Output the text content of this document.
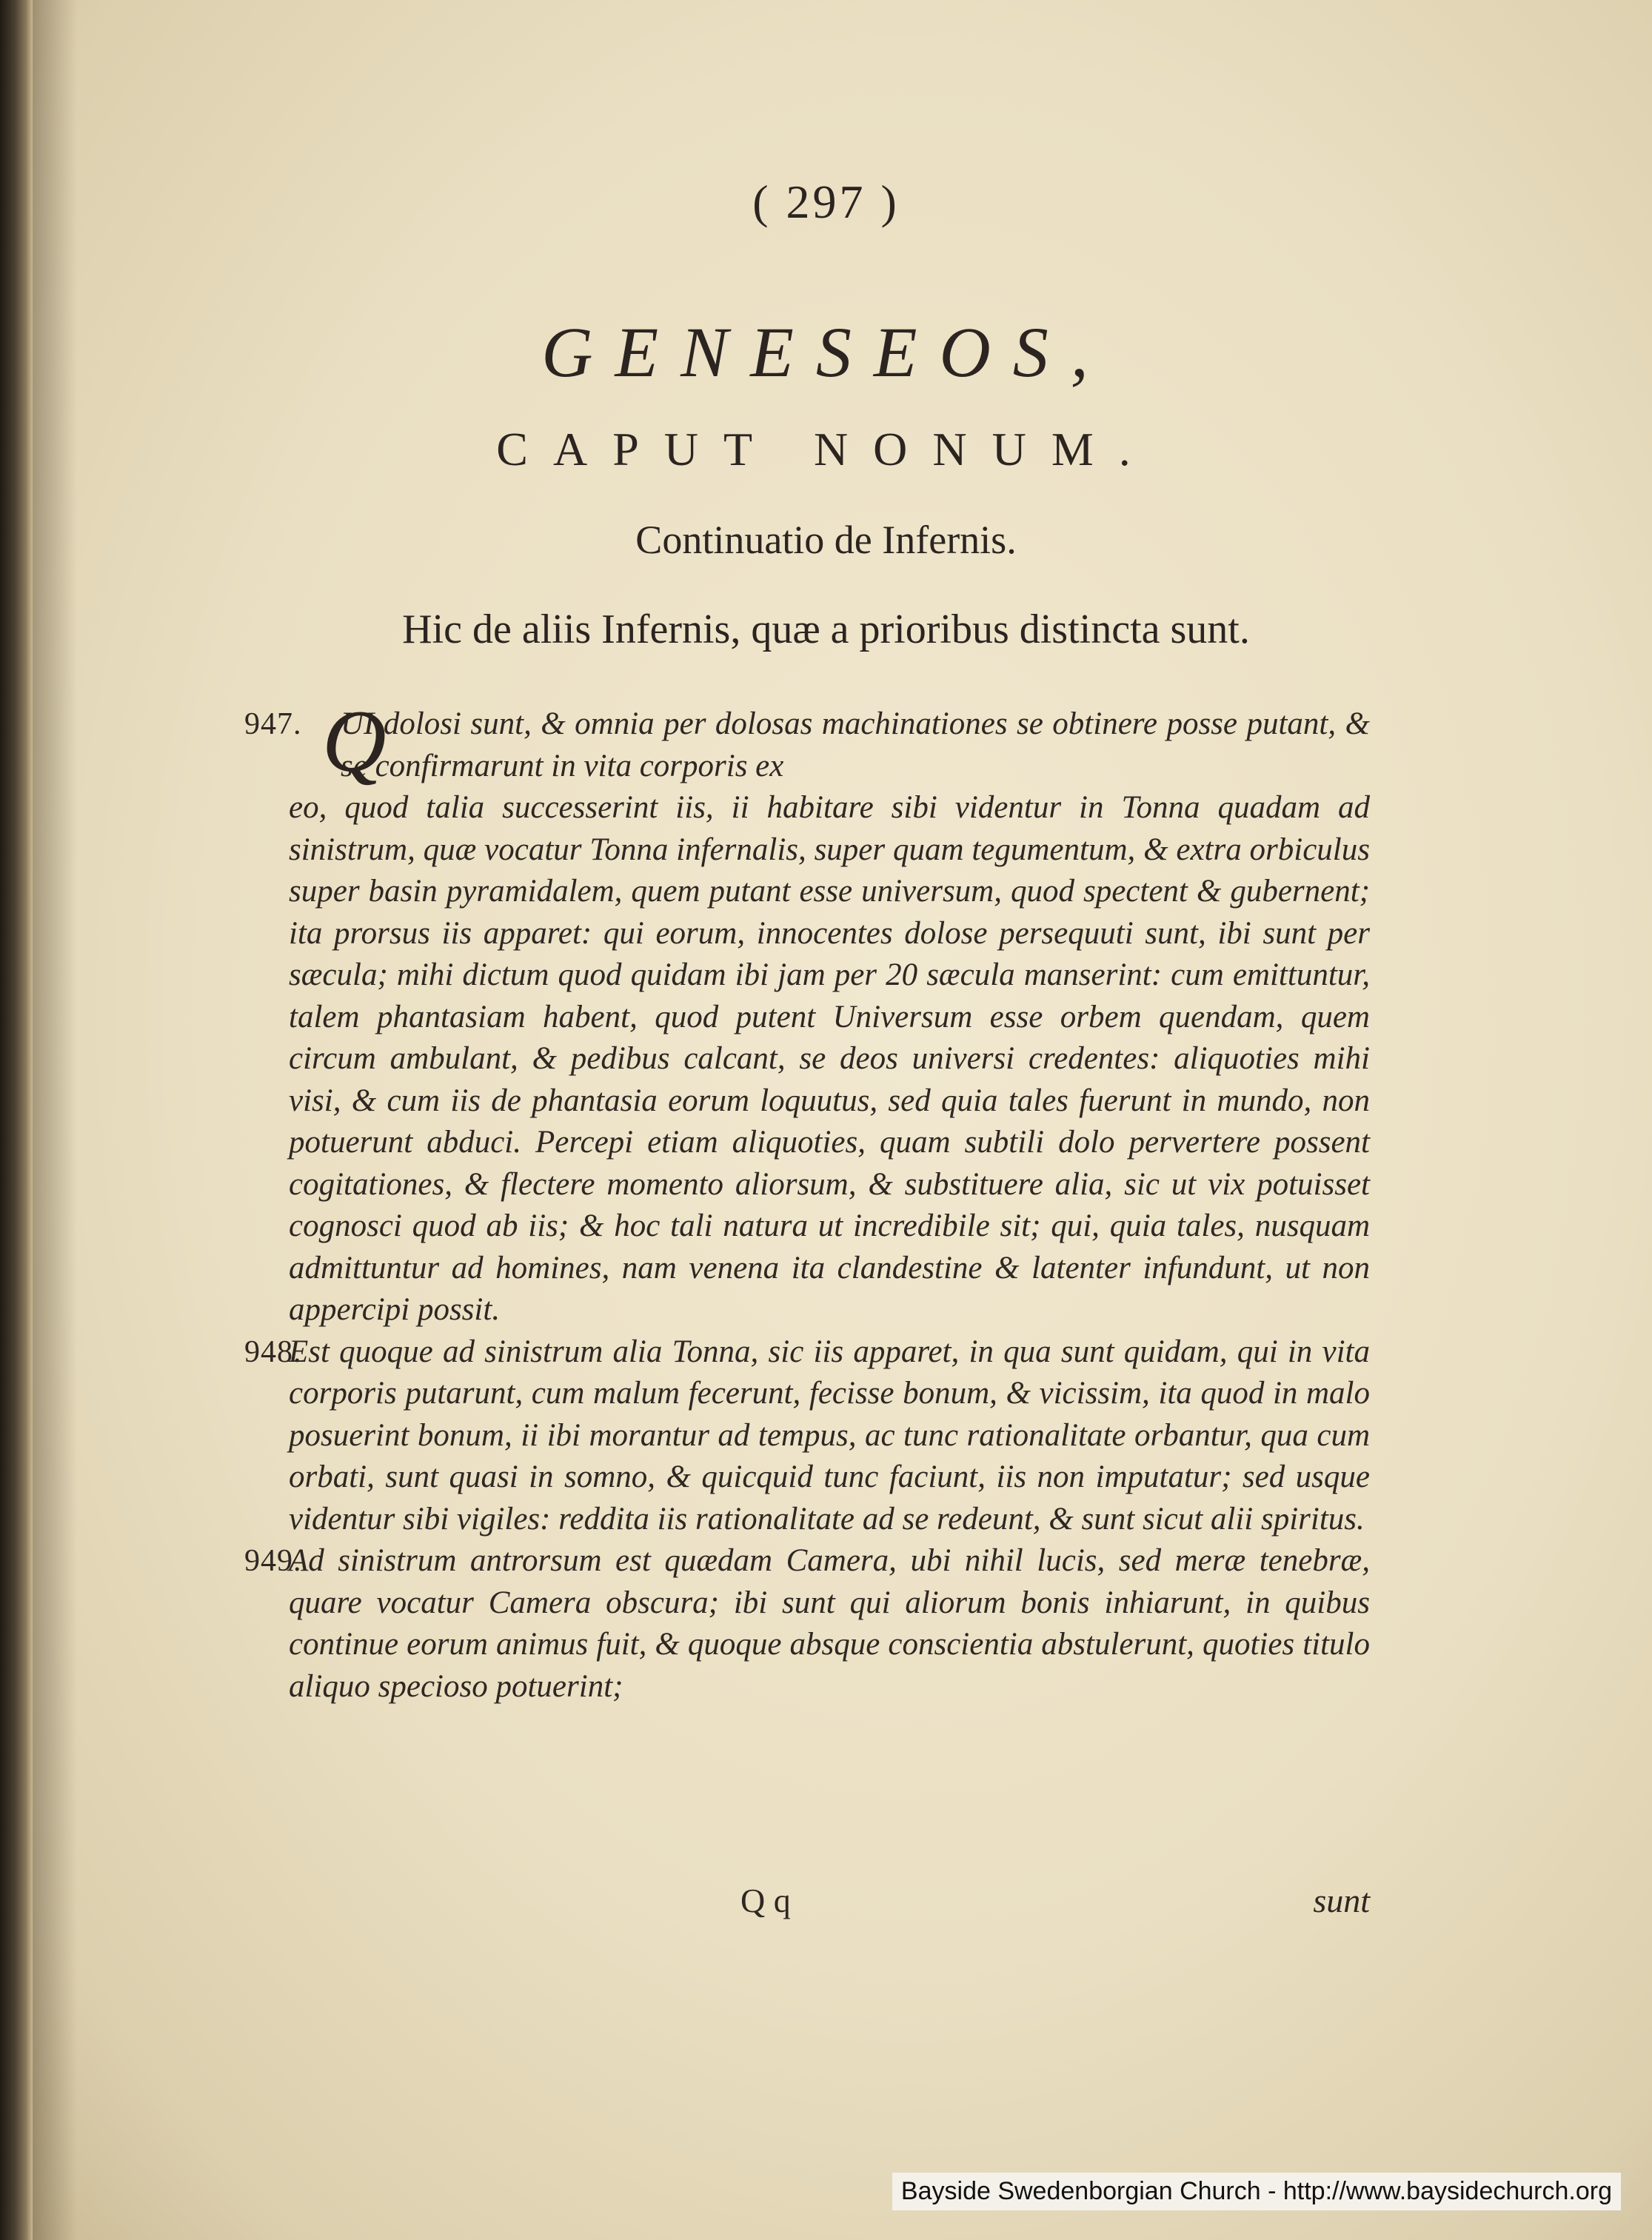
( 297 )
GENESEOS,
CAPUT NONUM.
Continuatio de Infernis.
Hic de aliis Infernis, quæ a prioribus distincta sunt.

947. Q
UI dolosi sunt, & omnia per dolosas machinationes se obtinere posse putant, & se confirmarunt in vita corporis ex

eo, quod talia successerint iis, ii habitare sibi videntur in Tonna quadam ad sinistrum, quæ vocatur Tonna infernalis, super quam tegumentum, & extra orbiculus super basin pyramidalem, quem putant esse universum, quod spectent & gubernent; ita prorsus iis apparet: qui eorum, innocentes dolose persequuti sunt, ibi sunt per sæcula; mihi dictum quod quidam ibi jam per 20 sæcula manserint: cum emittuntur, talem phantasiam habent, quod putent Universum esse orbem quendam, quem circum ambulant, & pedibus calcant, se deos universi credentes: aliquoties mihi visi, & cum iis de phantasia eorum loquutus, sed quia tales fuerunt in mundo, non potuerunt abduci. Percepi etiam aliquoties, quam subtili dolo pervertere possent cogitationes, & flectere momento aliorsum, & substituere alia, sic ut vix potuisset cognosci quod ab iis; & hoc tali natura ut incredibile sit; qui, quia tales, nusquam admittuntur ad homines, nam venena ita clandestine & latenter infundunt, ut non appercipi possit.

948.
Est quoque ad sinistrum alia Tonna, sic iis apparet, in qua sunt quidam, qui in vita corporis putarunt, cum malum fecerunt, fecisse bonum, & vicissim, ita quod in malo posuerint bonum, ii ibi morantur ad tempus, ac tunc rationalitate orbantur, qua cum orbati, sunt quasi in somno, & quicquid tunc faciunt, iis non imputatur; sed usque videntur sibi vigiles: reddita iis rationalitate ad se redeunt, & sunt sicut alii spiritus.

949.
Ad sinistrum antrorsum est quædam Camera, ubi nihil lucis, sed meræ tenebræ, quare vocatur Camera obscura; ibi sunt qui aliorum bonis inhiarunt, in quibus continue eorum animus fuit, & quoque absque conscientia abstulerunt, quoties titulo aliquo specioso potuerint;

Q q	sunt
Bayside Swedenborgian Church - http://www.baysidechurch.org
